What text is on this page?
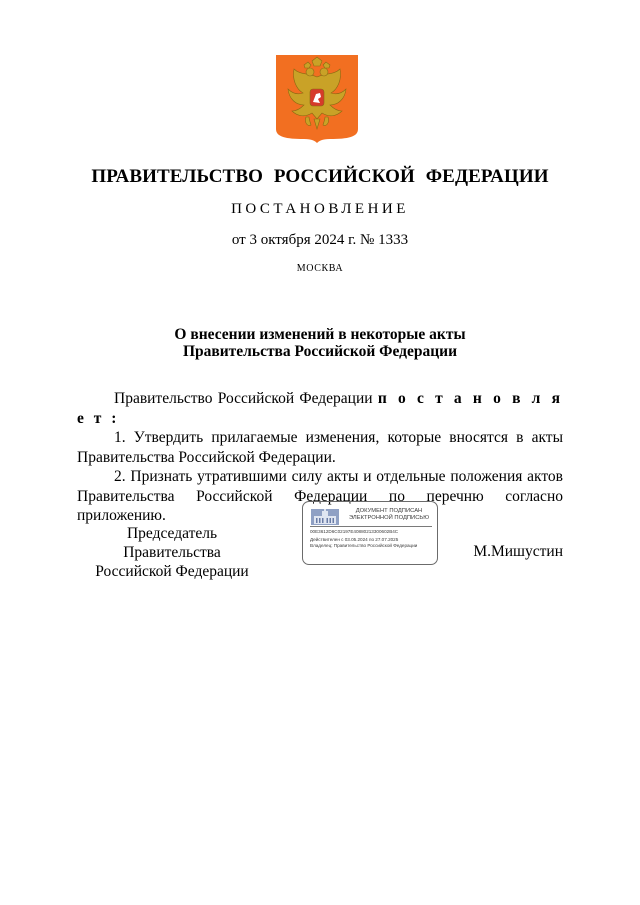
ПРАВИТЕЛЬСТВО РОССИЙСКОЙ ФЕДЕРАЦИИ
ПОСТАНОВЛЕНИЕ
от 3 октября 2024 г. № 1333
МОСКВА
О внесении изменений в некоторые акты
Правительства Российской Федерации

Правительство Российской Федерации п о с т а н о в л я е т :

1. Утвердить прилагаемые изменения, которые вносятся в акты Правительства Российской Федерации.

2. Признать утратившими силу акты и отдельные положения актов Правительства Российской Федерации по перечню согласно приложению.

Председатель Правительства
Российской Федерации
ДОКУМЕНТ ПОДПИСАН
ЭЛЕКТРОННОЙ ПОДПИСЬЮ
00E3612D6C02197E40880213300602B4C
Действителен с 03.05.2024 по 27.07.2025
Владелец: Правительство Российской Федерации	М.Мишустин
